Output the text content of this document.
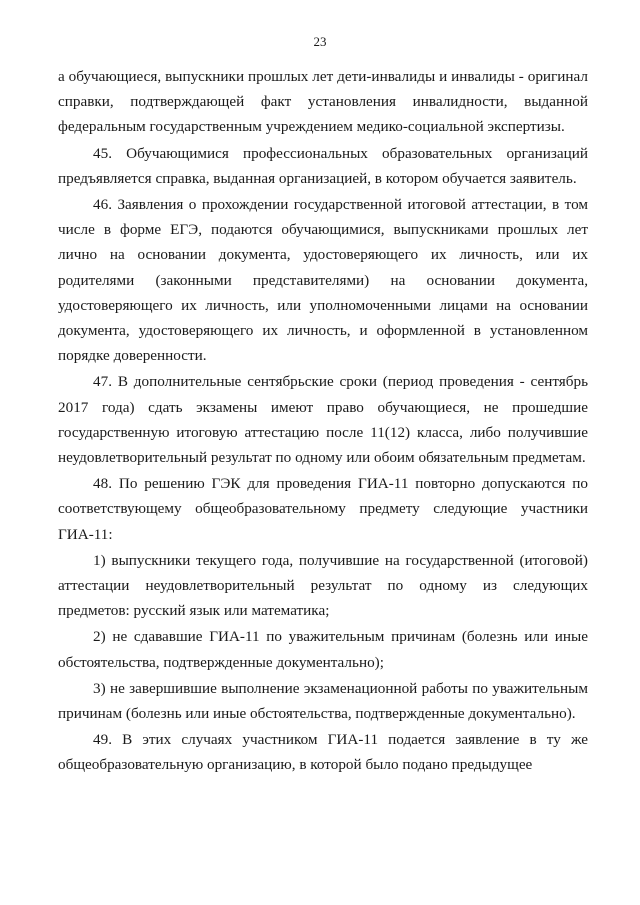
23

а обучающиеся, выпускники прошлых лет дети-инвалиды и инвалиды - оригинал справки, подтверждающей факт установления инвалидности, выданной федеральным государственным учреждением медико-социальной экспертизы.

45. Обучающимися профессиональных образовательных организаций предъявляется справка, выданная организацией, в котором обучается заявитель.

46. Заявления о прохождении государственной итоговой аттестации, в том числе в форме ЕГЭ, подаются обучающимися, выпускниками прошлых лет лично на основании документа, удостоверяющего их личность, или их родителями (законными представителями) на основании документа, удостоверяющего их личность, или уполномоченными лицами на основании документа, удостоверяющего их личность, и оформленной в установленном порядке доверенности.

47. В дополнительные сентябрьские сроки (период проведения - сентябрь 2017 года) сдать экзамены имеют право обучающиеся, не прошедшие государственную итоговую аттестацию после 11(12) класса, либо получившие неудовлетворительный результат по одному или обоим обязательным предметам.

48. По решению ГЭК для проведения ГИА-11 повторно допускаются по соответствующему общеобразовательному предмету следующие участники ГИА-11:

1) выпускники текущего года, получившие на государственной (итоговой) аттестации неудовлетворительный результат по одному из следующих предметов: русский язык или математика;

2) не сдававшие ГИА-11 по уважительным причинам (болезнь или иные обстоятельства, подтвержденные документально);

3) не завершившие выполнение экзаменационной работы по уважительным причинам (болезнь или иные обстоятельства, подтвержденные документально).

49. В этих случаях участником ГИА-11 подается заявление в ту же общеобразовательную организацию, в которой было подано предыдущее
